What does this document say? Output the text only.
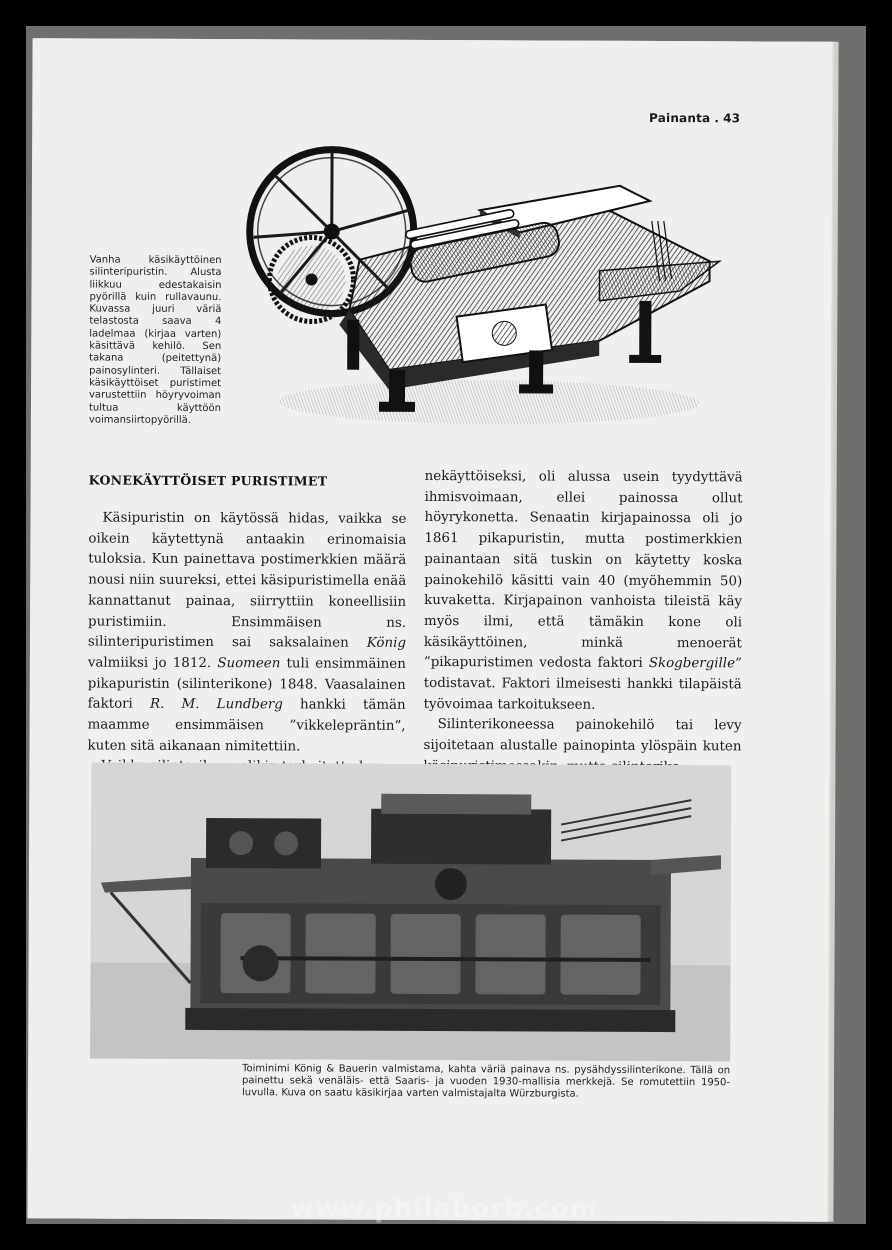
Painanta . 43

Vanha käsikäyttöinen silinteripuristin. Alusta liikkuu edestakaisin pyörillä kuin rullavaunu. Kuvassa juuri väriä telastosta saava 4 ladelmaa (kirjaa varten) käsittävä kehilö. Sen takana (peitettynä) painosylinteri. Tällaiset käsikäyttöiset puristimet varustettiin höyryvoiman tultua käyttöön voimansiirtopyörillä.

KONEKÄYTTÖISET PURISTIMET

Käsipuristin on käytössä hidas, vaikka se oikein käytettynä antaakin erinomaisia tuloksia. Kun painettava postimerkkien määrä nousi niin suureksi, ettei käsipuristimella enää kannattanut painaa, siirryttiin koneellisiin puristimiin. Ensimmäisen ns. silinteripuristimen sai saksalainen König valmiiksi jo 1812. Suomeen tuli ensimmäinen pikapuristin (silinterikone) 1848. Vaasalainen faktori R. M. Lundberg hankki tämän maamme ensimmäisen ”vikkelepräntin”, kuten sitä aikanaan nimitettiin.

nekäyttöiseksi, oli alussa usein tyydyttävä ihmisvoimaan, ellei painossa ollut höyrykonetta. Senaatin kirjapainossa oli jo 1861 pikapuristin, mutta postimerkkien painantaan sitä tuskin on käytetty koska painokehilö käsitti vain 40 (myöhemmin 50) kuvaketta. Kirjapainon vanhoista tileistä käy myös ilmi, että tämäkin kone oli käsikäyttöinen, minkä menoerät ”pikapuristimen vedosta faktori Skogbergille” todistavat. Faktori ilmeisesti hankki tilapäistä työvoimaa tarkoitukseen.

Silinterikoneessa painokehilö tai levy sijoitetaan alustalle painopinta ylöspäin kuten

Toiminimi König & Bauerin valmistama, kahta väriä painava ns. pysähdyssilinterikone. Tällä on painettu sekä venäläis- että Saaris- ja vuoden 1930-mallisia merkkejä. Se romutettiin 1950-luvulla. Kuva on saatu käsikirjaa varten valmistajalta Würzburgista.

www.philaborb.com
